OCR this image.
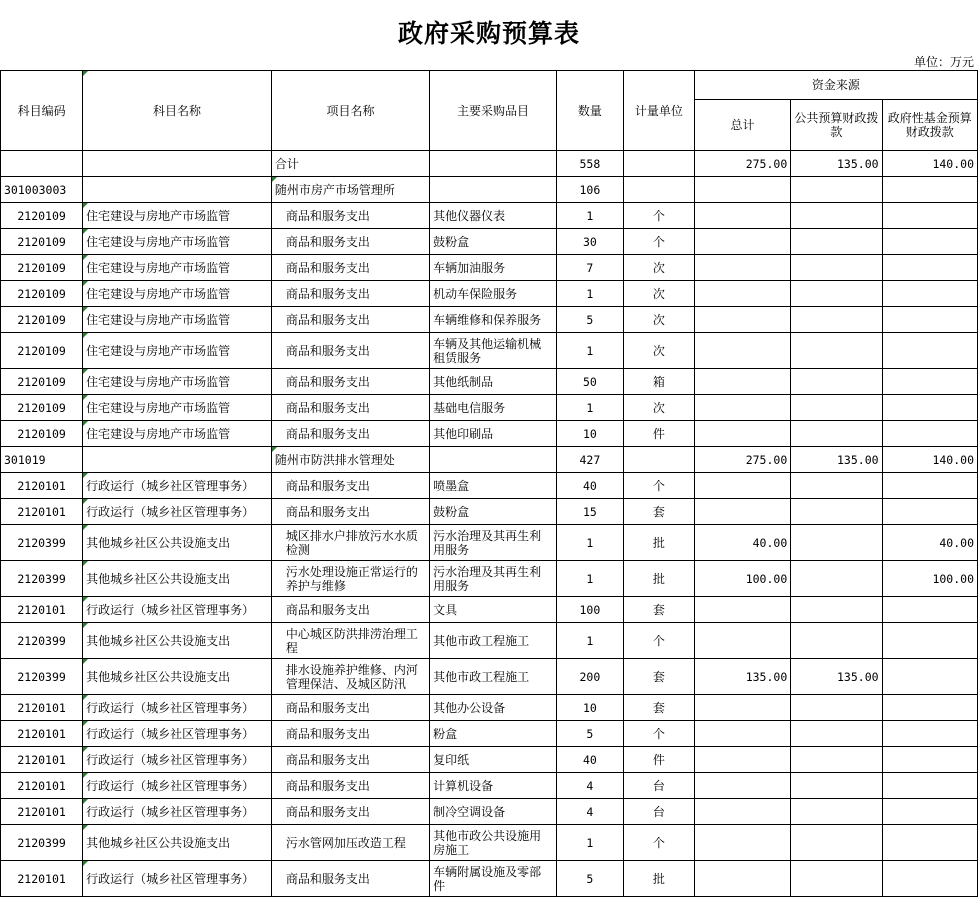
政府采购预算表
单位：万元
科目编码	科目名称	项目名称	主要采购品目	数量	计量单位	资金来源		
						总计	公共预算财政拨款	政府性基金预算财政拨款
		合计		558		275.00	135.00	140.00
301003003		随州市房产市场管理所		106				
2120109	住宅建设与房地产市场监管	商品和服务支出	其他仪器仪表	1	个			
2120109	住宅建设与房地产市场监管	商品和服务支出	鼓粉盒	30	个			
2120109	住宅建设与房地产市场监管	商品和服务支出	车辆加油服务	7	次			
2120109	住宅建设与房地产市场监管	商品和服务支出	机动车保险服务	1	次			
2120109	住宅建设与房地产市场监管	商品和服务支出	车辆维修和保养服务	5	次			
2120109	住宅建设与房地产市场监管	商品和服务支出	车辆及其他运输机械租赁服务	1	次			
2120109	住宅建设与房地产市场监管	商品和服务支出	其他纸制品	50	箱			
2120109	住宅建设与房地产市场监管	商品和服务支出	基础电信服务	1	次			
2120109	住宅建设与房地产市场监管	商品和服务支出	其他印刷品	10	件			
301019		随州市防洪排水管理处		427		275.00	135.00	140.00
2120101	行政运行（城乡社区管理事务）	商品和服务支出	喷墨盒	40	个			
2120101	行政运行（城乡社区管理事务）	商品和服务支出	鼓粉盒	15	套			
2120399	其他城乡社区公共设施支出	城区排水户排放污水水质检测	污水治理及其再生利用服务	1	批	40.00		40.00
2120399	其他城乡社区公共设施支出	污水处理设施正常运行的养护与维修	污水治理及其再生利用服务	1	批	100.00		100.00
2120101	行政运行（城乡社区管理事务）	商品和服务支出	文具	100	套			
2120399	其他城乡社区公共设施支出	中心城区防洪排涝治理工程	其他市政工程施工	1	个			
2120399	其他城乡社区公共设施支出	排水设施养护维修、内河管理保洁、及城区防汛	其他市政工程施工	200	套	135.00	135.00	
2120101	行政运行（城乡社区管理事务）	商品和服务支出	其他办公设备	10	套			
2120101	行政运行（城乡社区管理事务）	商品和服务支出	粉盒	5	个			
2120101	行政运行（城乡社区管理事务）	商品和服务支出	复印纸	40	件			
2120101	行政运行（城乡社区管理事务）	商品和服务支出	计算机设备	4	台			
2120101	行政运行（城乡社区管理事务）	商品和服务支出	制冷空调设备	4	台			
2120399	其他城乡社区公共设施支出	污水管网加压改造工程	其他市政公共设施用房施工	1	个			
2120101	行政运行（城乡社区管理事务）	商品和服务支出	车辆附属设施及零部件	5	批			
